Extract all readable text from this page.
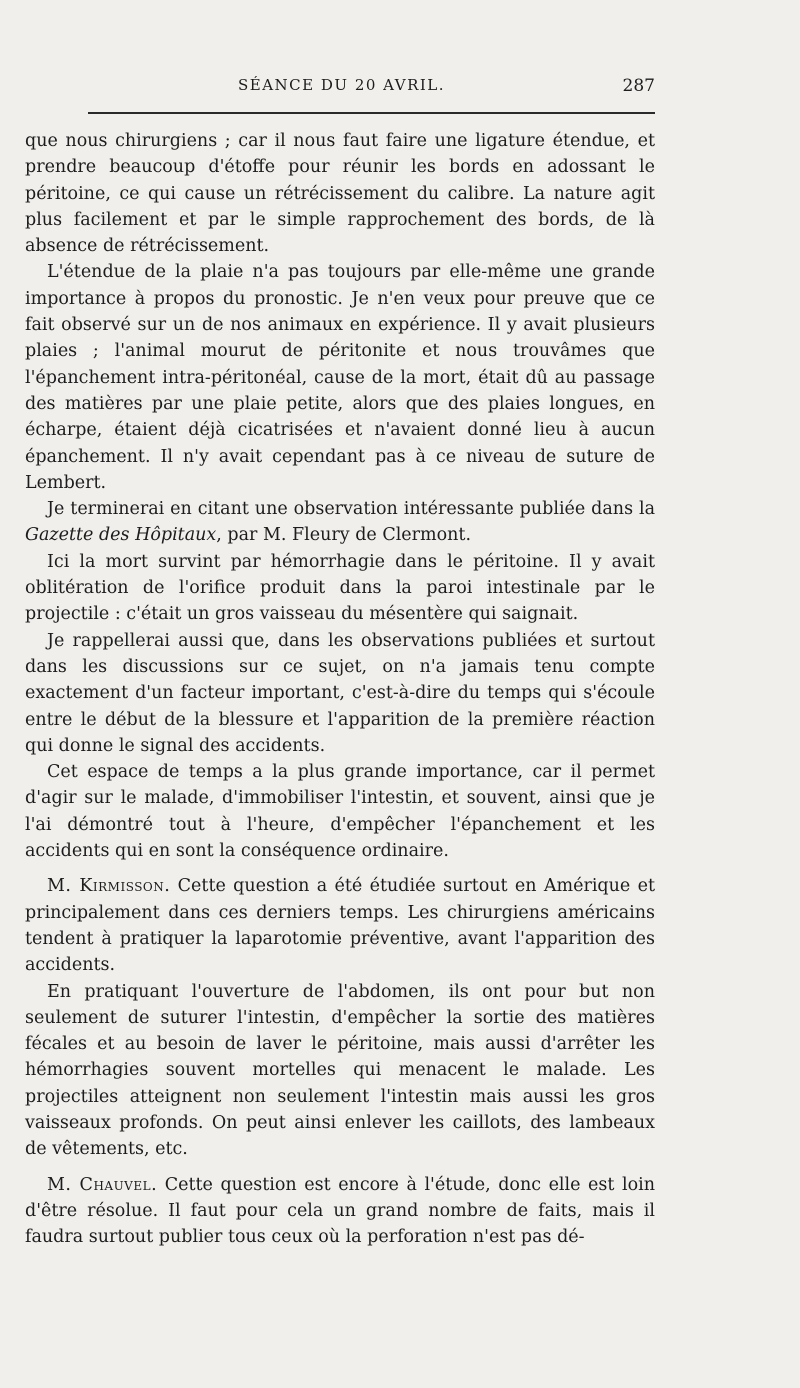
SÉANCE DU 20 AVRIL.	287

que nous chirurgiens ; car il nous faut faire une ligature étendue, et prendre beaucoup d'étoffe pour réunir les bords en adossant le péritoine, ce qui cause un rétrécissement du calibre. La nature agit plus facilement et par le simple rapprochement des bords, de là absence de rétrécissement.

L'étendue de la plaie n'a pas toujours par elle-même une grande importance à propos du pronostic. Je n'en veux pour preuve que ce fait observé sur un de nos animaux en expérience. Il y avait plusieurs plaies ; l'animal mourut de péritonite et nous trouvâmes que l'épanchement intra-péritonéal, cause de la mort, était dû au passage des matières par une plaie petite, alors que des plaies longues, en écharpe, étaient déjà cicatrisées et n'avaient donné lieu à aucun épanchement. Il n'y avait cependant pas à ce niveau de suture de Lembert.

Je terminerai en citant une observation intéressante publiée dans la Gazette des Hôpitaux, par M. Fleury de Clermont.

Ici la mort survint par hémorrhagie dans le péritoine. Il y avait oblitération de l'orifice produit dans la paroi intestinale par le projectile : c'était un gros vaisseau du mésentère qui saignait.

Je rappellerai aussi que, dans les observations publiées et surtout dans les discussions sur ce sujet, on n'a jamais tenu compte exactement d'un facteur important, c'est-à-dire du temps qui s'écoule entre le début de la blessure et l'apparition de la première réaction qui donne le signal des accidents.

Cet espace de temps a la plus grande importance, car il permet d'agir sur le malade, d'immobiliser l'intestin, et souvent, ainsi que je l'ai démontré tout à l'heure, d'empêcher l'épanchement et les accidents qui en sont la conséquence ordinaire.

M. Kirmisson. Cette question a été étudiée surtout en Amérique et principalement dans ces derniers temps. Les chirurgiens américains tendent à pratiquer la laparotomie préventive, avant l'apparition des accidents.

En pratiquant l'ouverture de l'abdomen, ils ont pour but non seulement de suturer l'intestin, d'empêcher la sortie des matières fécales et au besoin de laver le péritoine, mais aussi d'arrêter les hémorrhagies souvent mortelles qui menacent le malade. Les projectiles atteignent non seulement l'intestin mais aussi les gros vaisseaux profonds. On peut ainsi enlever les caillots, des lambeaux de vêtements, etc.

M. Chauvel. Cette question est encore à l'étude, donc elle est loin d'être résolue. Il faut pour cela un grand nombre de faits, mais il faudra surtout publier tous ceux où la perforation n'est pas dé-
